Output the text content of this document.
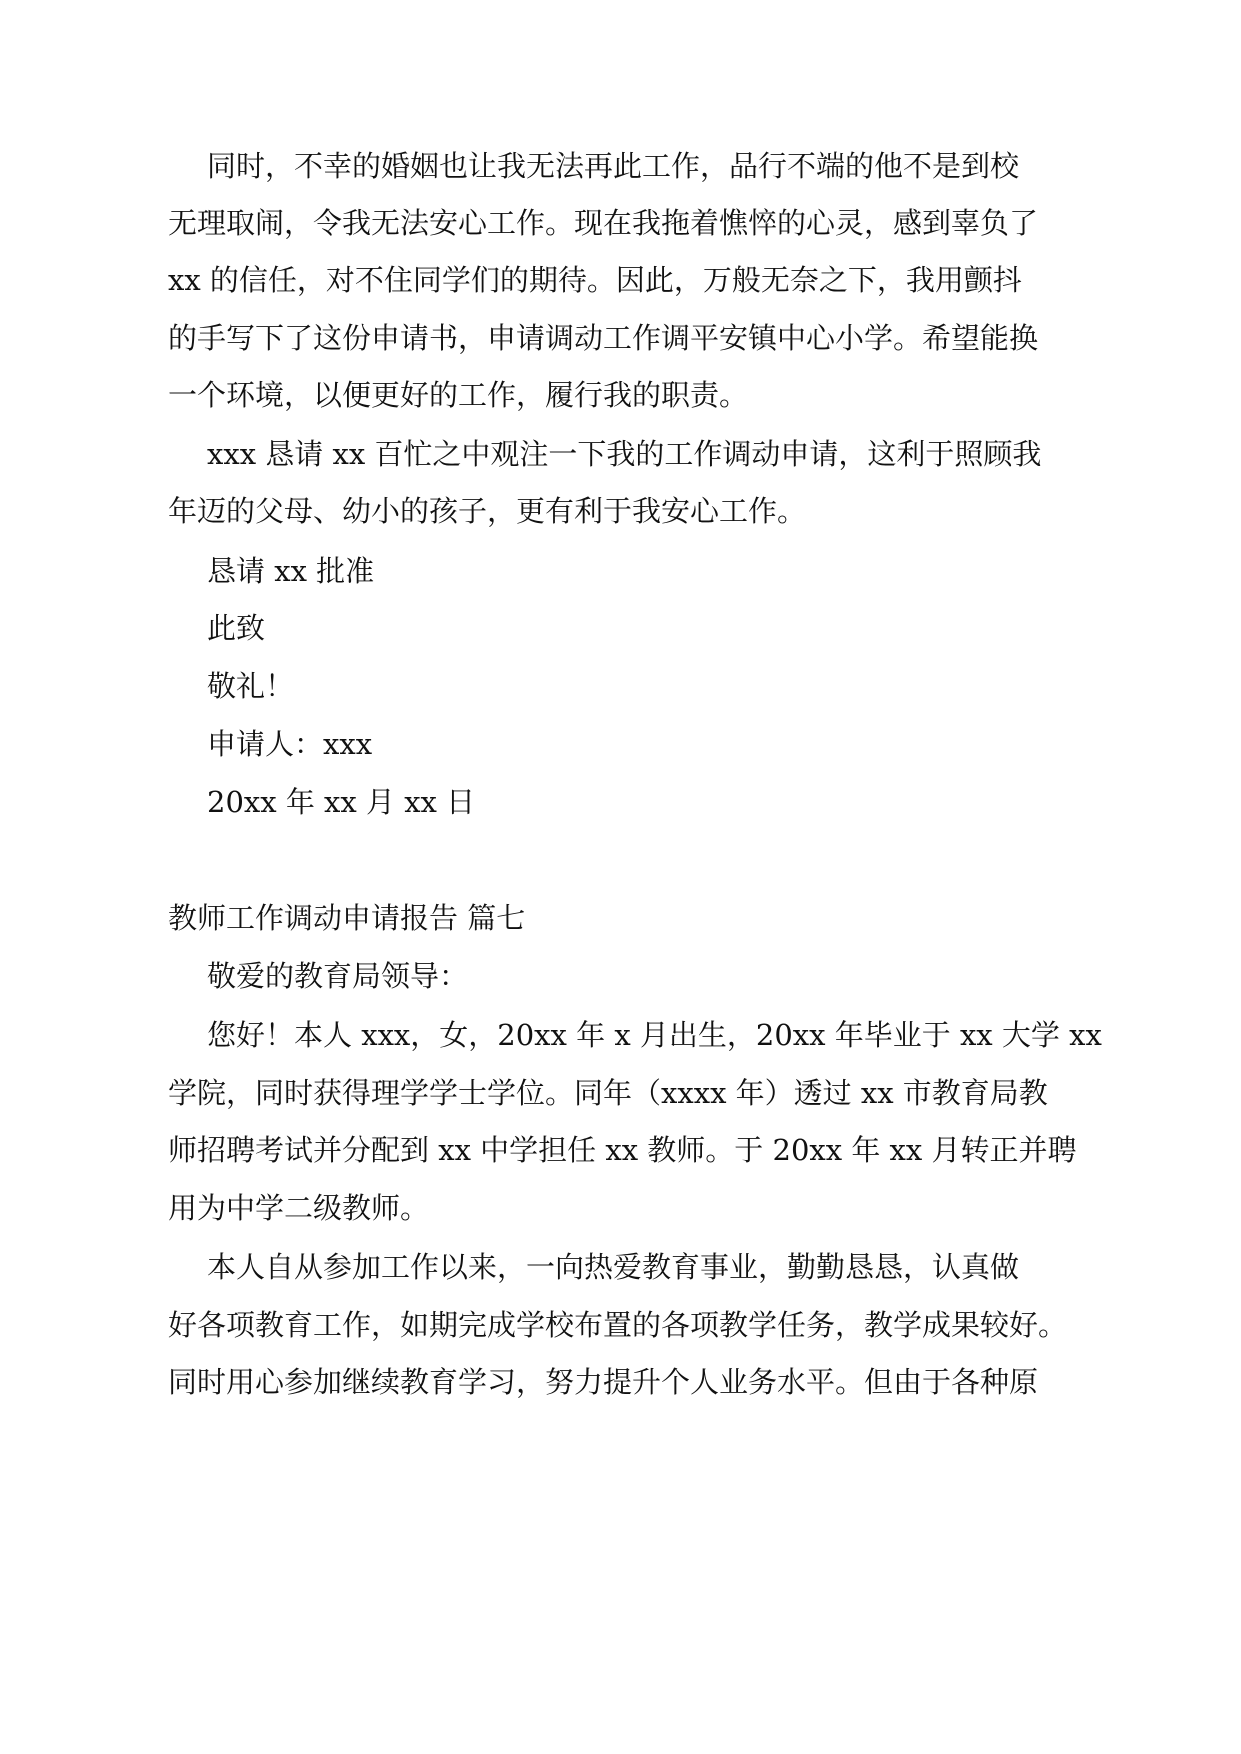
同时，不幸的婚姻也让我无法再此工作，品行不端的他不是到校
无理取闹，令我无法安心工作。现在我拖着憔悴的心灵，感到辜负了
xx 的信任，对不住同学们的期待。因此，万般无奈之下，我用颤抖
的手写下了这份申请书，申请调动工作调平安镇中心小学。希望能换
一个环境，以便更好的工作，履行我的职责。
xxx 恳请 xx 百忙之中观注一下我的工作调动申请，这利于照顾我
年迈的父母、幼小的孩子，更有利于我安心工作。
恳请 xx 批准
此致
敬礼！
申请人：xxx
20xx 年 xx 月 xx 日
教师工作调动申请报告 篇七
敬爱的教育局领导：
您好！本人 xxx，女，20xx 年 x 月出生，20xx 年毕业于 xx 大学 xx
学院，同时获得理学学士学位。同年（xxxx 年）透过 xx 市教育局教
师招聘考试并分配到 xx 中学担任 xx 教师。于 20xx 年 xx 月转正并聘
用为中学二级教师。
本人自从参加工作以来，一向热爱教育事业，勤勤恳恳，认真做
好各项教育工作，如期完成学校布置的各项教学任务，教学成果较好。
同时用心参加继续教育学习，努力提升个人业务水平。但由于各种原
